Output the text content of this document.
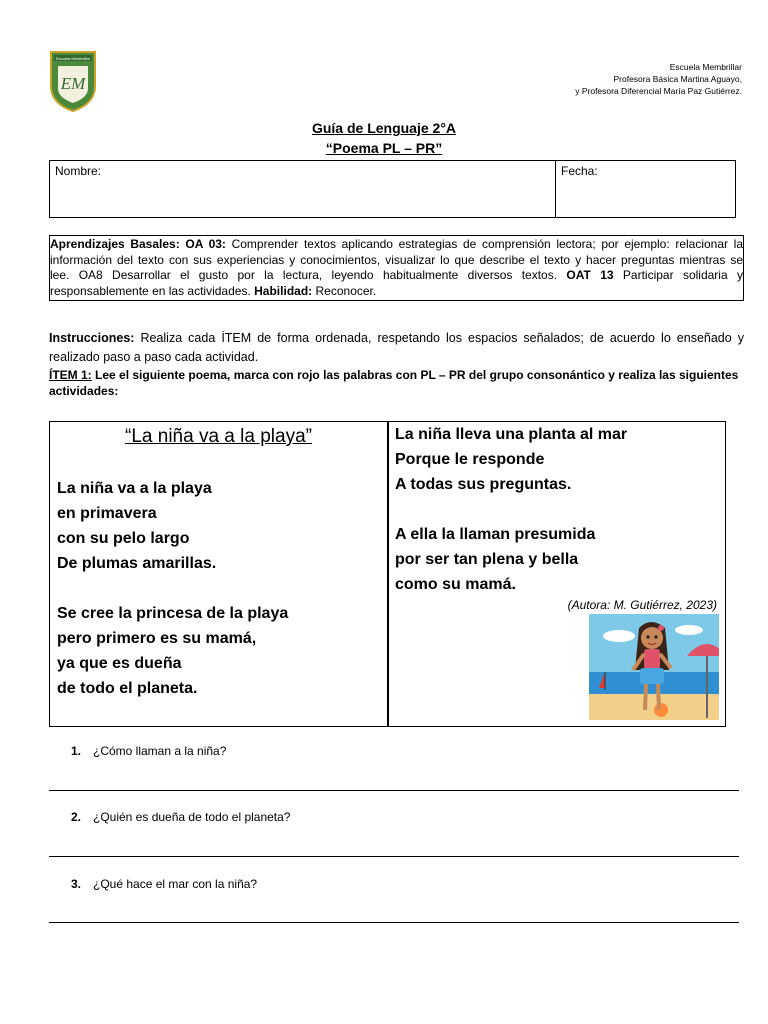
Escuela Membrillar
EM
Escuela Membrillar
Profesora Básica Martina Aguayo,
y Profesora Diferencial María Paz Gutiérrez.
Guía de Lenguaje 2°A
“Poema PL – PR”
Nombre:	Fecha:
Aprendizajes Basales: OA 03: Comprender textos aplicando estrategias de comprensión lectora; por ejemplo: relacionar la
información del texto con sus experiencias y conocimientos, visualizar lo que describe el texto y hacer preguntas mientras se
lee. OA8 Desarrollar el gusto por la lectura, leyendo habitualmente diversos textos. OAT 13 Participar solidaria y
responsablemente en las actividades. Habilidad: Reconocer.
Instrucciones: Realiza cada ÍTEM de forma ordenada, respetando los espacios señalados; de acuerdo lo enseñado y realizado paso a paso cada actividad.
ÍTEM 1: Lee el siguiente poema, marca con rojo las palabras con PL – PR del grupo consonántico y realiza las siguientes actividades:
“La niña va a la playa”
La niña va a la playa
en primavera
con su pelo largo
De plumas amarillas.
Se cree la princesa de la playa
pero primero es su mamá,
ya que es dueña
de todo el planeta.
La niña lleva una planta al mar
Porque le responde
A todas sus preguntas.
A ella la llaman presumida
por ser tan plena y bella
como su mamá.
(Autora: M. Gutiérrez, 2023)
1. ¿Cómo llaman a la niña?
2. ¿Quién es dueña de todo el planeta?
3. ¿Qué hace el mar con la niña?
